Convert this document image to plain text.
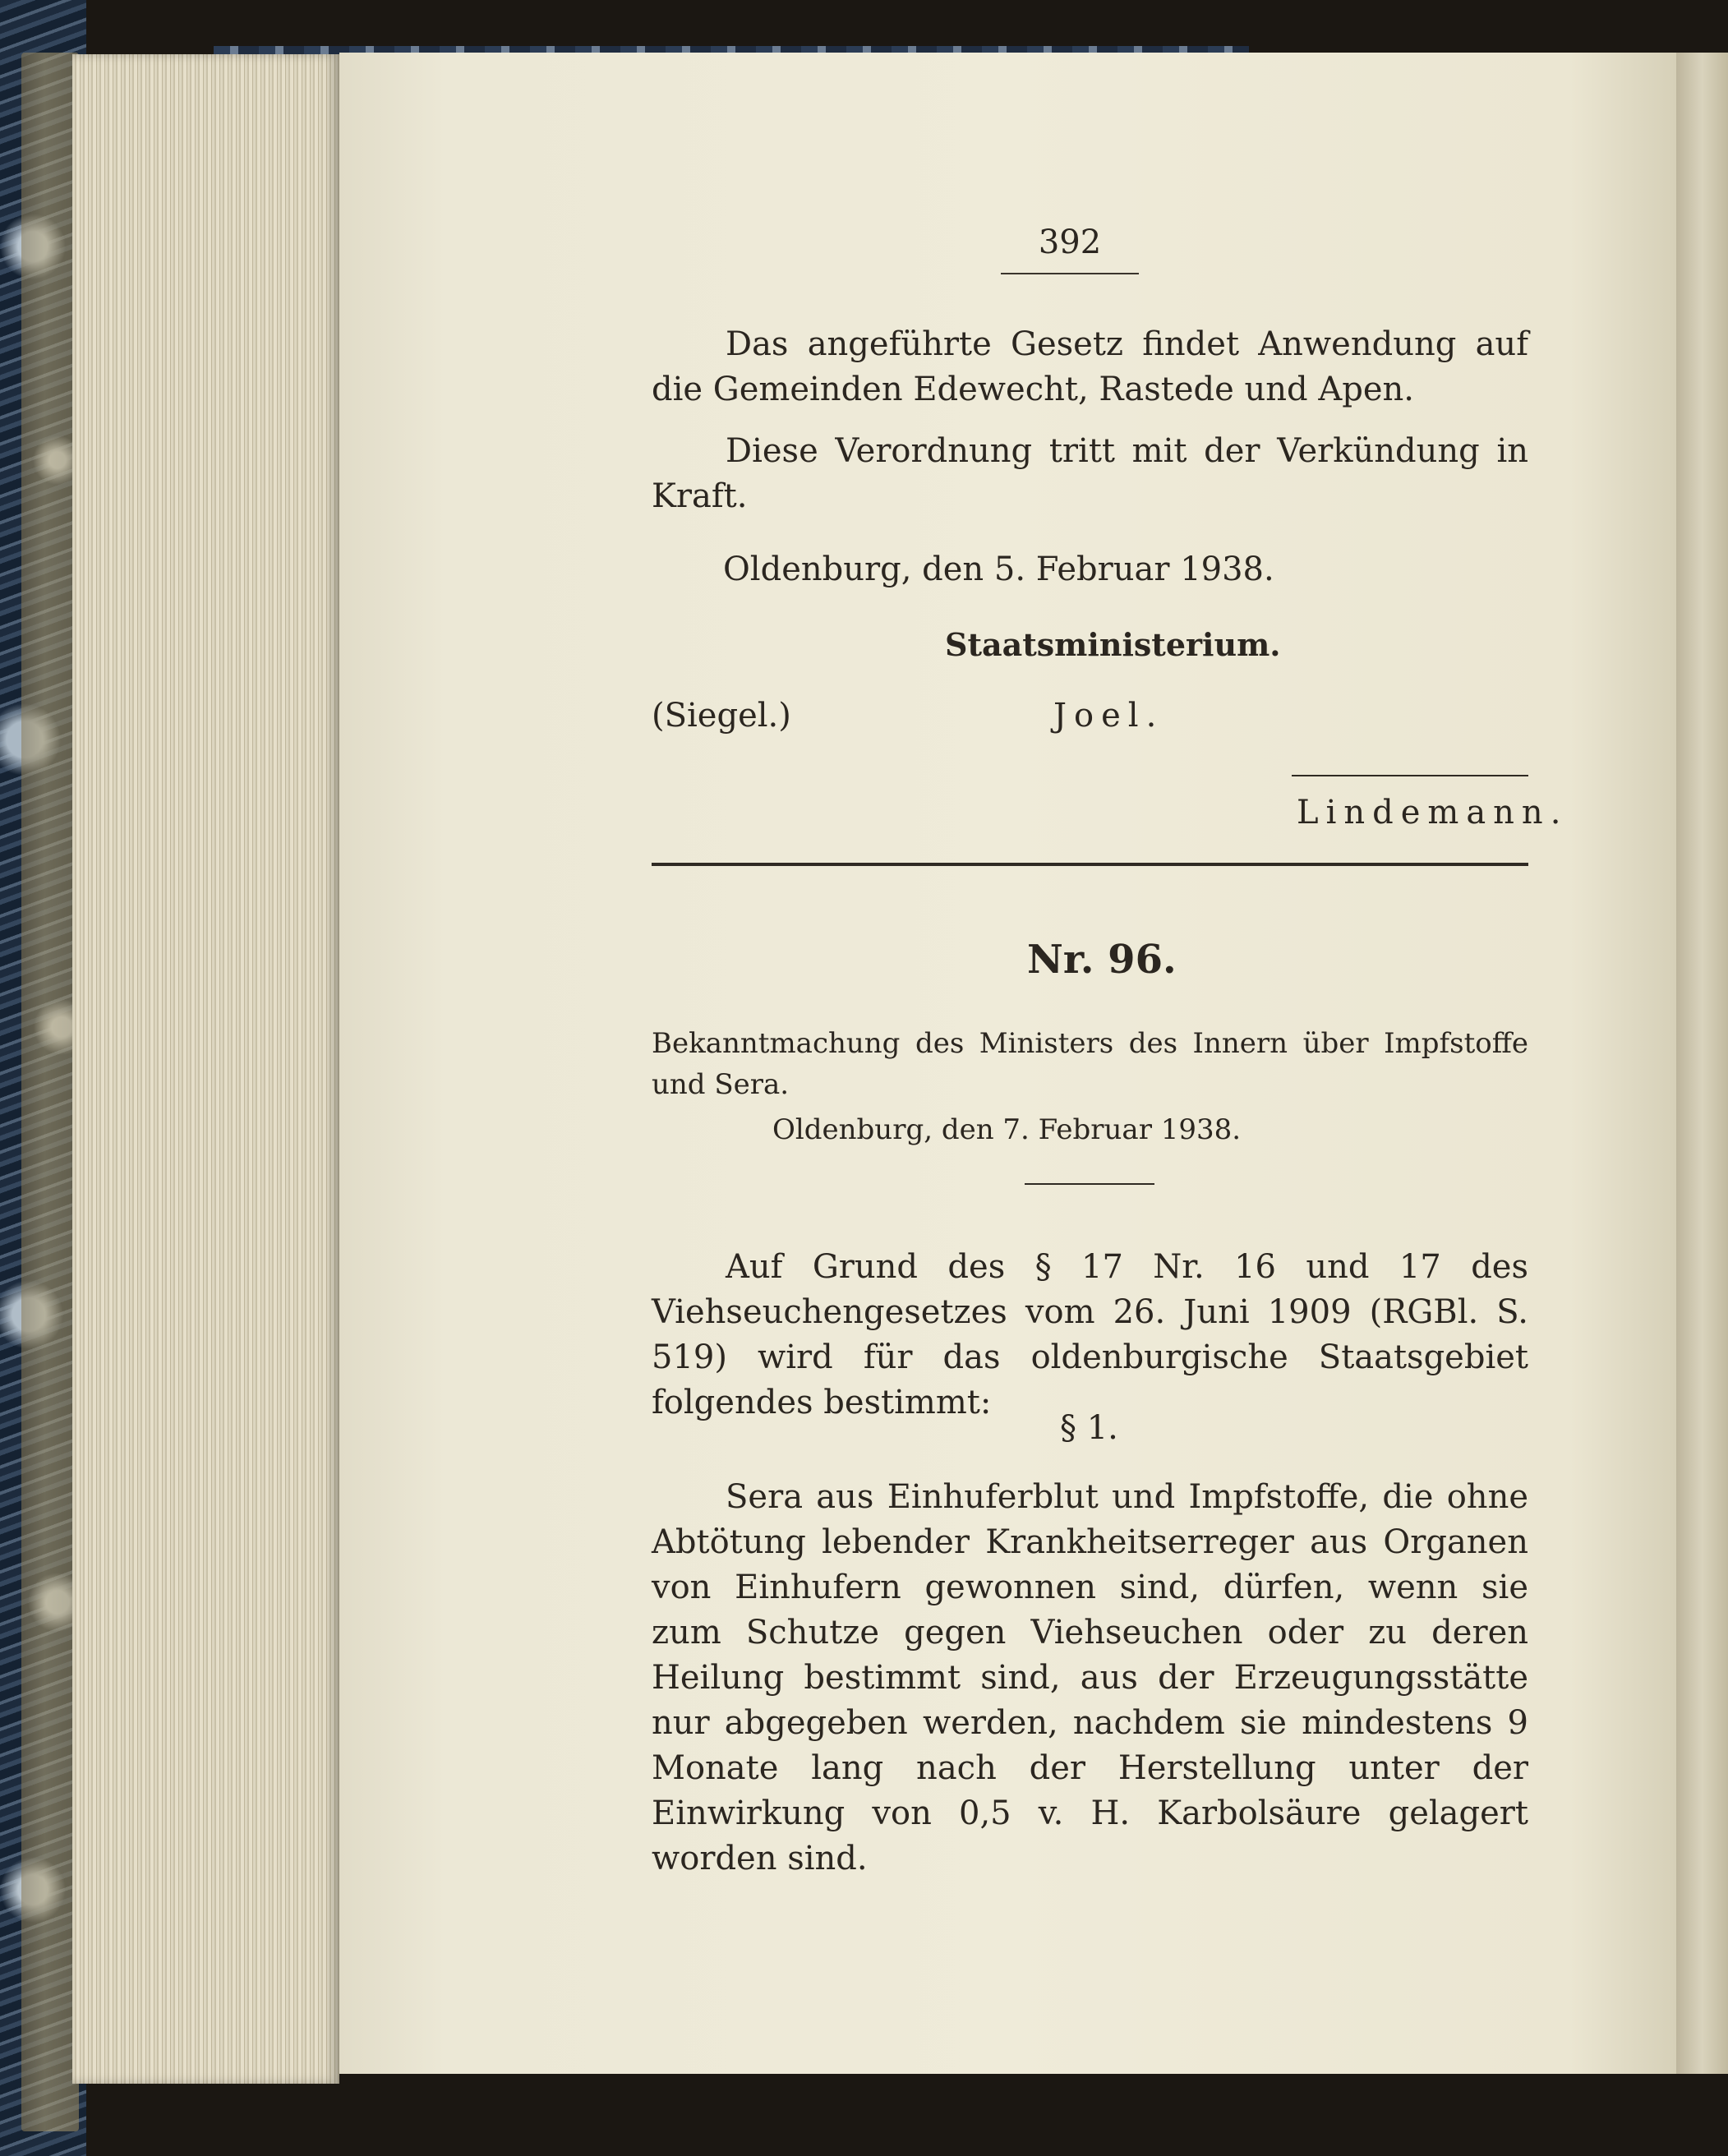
392

Das angeführte Gesetz findet Anwendung auf die Gemeinden Edewecht, Rastede und Apen.

Diese Verordnung tritt mit der Verkündung in Kraft.

Oldenburg, den 5. Februar 1938.
Staatsministerium.
(Siegel.)	Joel.
Lindemann.
Nr. 96.

Bekanntmachung des Ministers des Innern über Impfstoffe und Sera.

Oldenburg, den 7. Februar 1938.

Auf Grund des § 17 Nr. 16 und 17 des Viehseuchengesetzes vom 26. Juni 1909 (RGBl. S. 519) wird für das oldenburgische Staatsgebiet folgendes bestimmt:

§ 1.

Sera aus Einhuferblut und Impfstoffe, die ohne Abtötung lebender Krankheitserreger aus Organen von Einhufern gewonnen sind, dürfen, wenn sie zum Schutze gegen Viehseuchen oder zu deren Heilung bestimmt sind, aus der Erzeugungsstätte nur abgegeben werden, nachdem sie mindestens 9 Monate lang nach der Herstellung unter der Einwirkung von 0,5 v. H. Karbolsäure gelagert worden sind.
